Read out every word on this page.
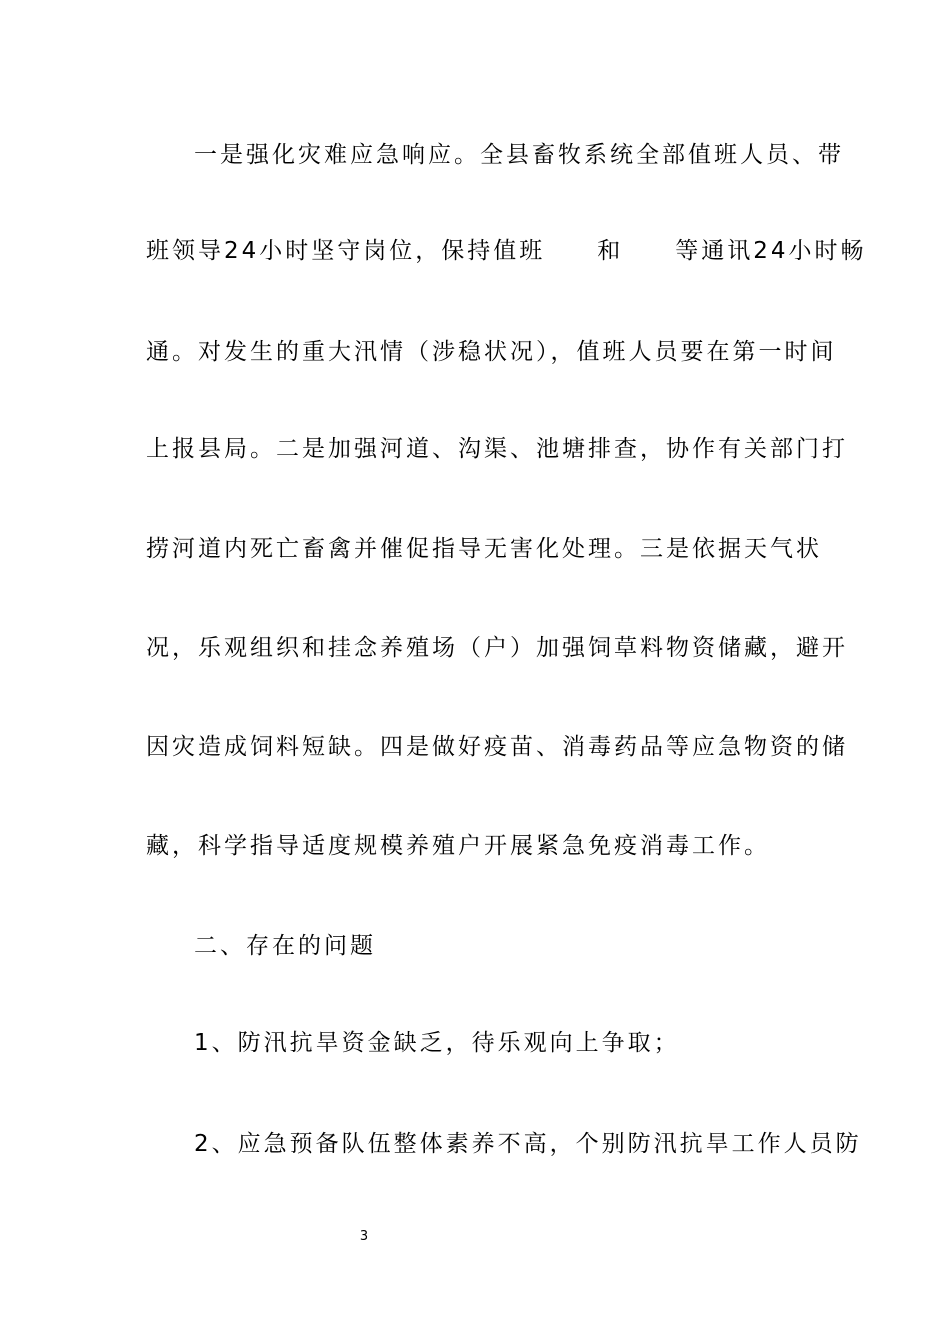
一是强化灾难应急响应。全县畜牧系统全部值班人员、带
班领导24小时坚守岗位，保持值班　　和　　等通讯24小时畅
通。对发生的重大汛情（涉稳状况），值班人员要在第一时间
上报县局。二是加强河道、沟渠、池塘排查，协作有关部门打
捞河道内死亡畜禽并催促指导无害化处理。三是依据天气状
况，乐观组织和挂念养殖场（户）加强饲草料物资储藏，避开
因灾造成饲料短缺。四是做好疫苗、消毒药品等应急物资的储
藏，科学指导适度规模养殖户开展紧急免疫消毒工作。
二、存在的问题
1、防汛抗旱资金缺乏，待乐观向上争取；
2、应急预备队伍整体素养不高，个别防汛抗旱工作人员防
3
